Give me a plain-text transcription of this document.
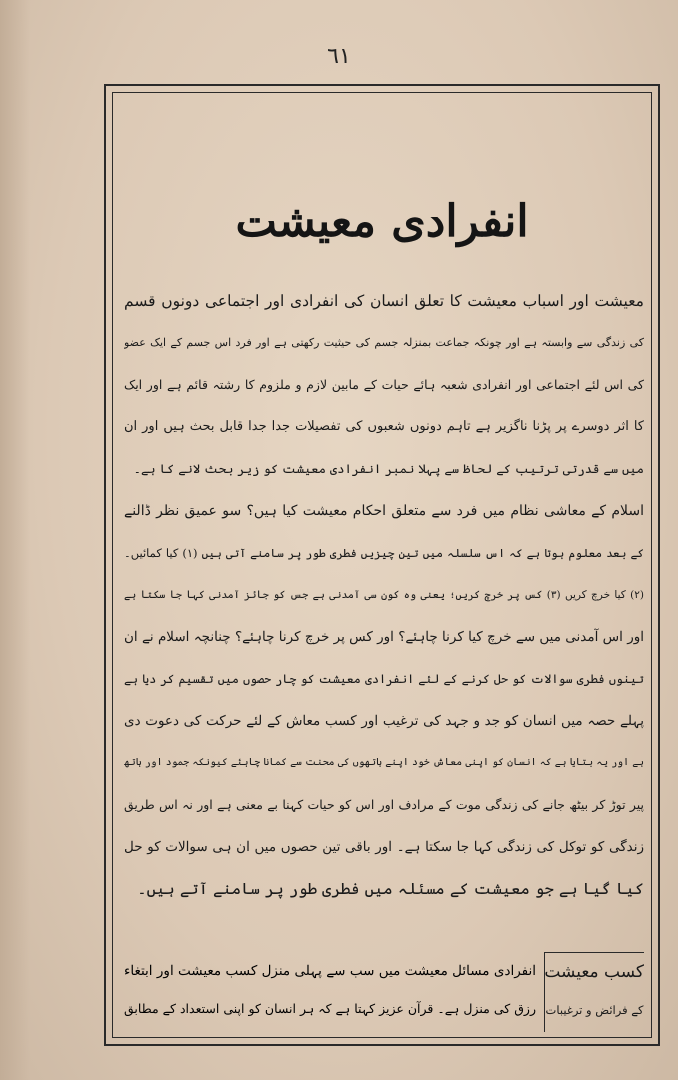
٦١
انفرادی معیشت
معیشت اور اسباب معیشت کا تعلق انسان کی انفرادی اور اجتماعی دونوں قسم
کی زندگی سے وابستہ ہے اور چونکہ جماعت بمنزلہ جسم کی حیثیت رکھتی ہے اور فرد اس جسم کے ایک عضو
کی اس لئے اجتماعی اور انفرادی شعبہ ہائے حیات کے مابین لازم و ملزوم کا رشتہ قائم ہے اور ایک
کا اثر دوسرے پر پڑنا ناگزیر ہے تاہم دونوں شعبوں کی تفصیلات جدا جدا قابل بحث ہیں اور ان
میں سے قدرتی ترتیب کے لحاظ سے پہلا نمبر انفرادی معیشت کو زیر بحث لانے کا ہے۔
اسلام کے معاشی نظام میں فرد سے متعلق احکام معیشت کیا ہیں؟ سو عمیق نظر ڈالنے
کے بعد معلوم ہوتا ہے کہ اس سلسلہ میں تین چیزیں فطری طور پر سامنے آتی ہیں (۱) کیا کمائیں۔
(۲) کیا خرچ کریں (۳) کس پر خرچ کریں؛ یعنی وہ کون سی آمدنی ہے جس کو جائز آمدنی کہا جا سکتا ہے
اور اس آمدنی میں سے خرچ کیا کرنا چاہئے؟ اور کس پر خرچ کرنا چاہئے؟ چنانچہ اسلام نے ان
تینوں فطری سوالات کو حل کرنے کے لئے انفرادی معیشت کو چار حصوں میں تقسیم کر دیا ہے
پہلے حصہ میں انسان کو جد و جہد کی ترغیب اور کسب معاش کے لئے حرکت کی دعوت دی
ہے اور یہ بتایا ہے کہ انسان کو اپنی معاش خود اپنے ہاتھوں کی محنت سے کمانا چاہئے کیونکہ جمود اور ہاتھ
پیر توڑ کر بیٹھ جانے کی زندگی موت کے مرادف اور اس کو حیات کہنا بے معنی ہے اور نہ اس طریق
زندگی کو توکل کی زندگی کہا جا سکتا ہے۔ اور باقی تین حصوں میں ان ہی سوالات کو حل
کیا گیا ہے جو معیشت کے مسئلہ میں فطری طور پر سامنے آتے ہیں۔
کسب معیشت
کے فرائض و ترغیبات
انفرادی مسائل معیشت میں سب سے پہلی منزل کسب معیشت اور ابتغاء
رزق کی منزل ہے۔ قرآن عزیز کہتا ہے کہ ہر انسان کو اپنی استعداد کے مطابق
